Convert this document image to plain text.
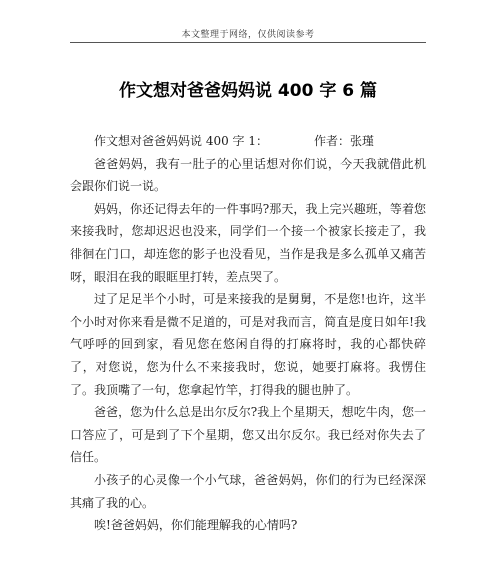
本文整理于网络，仅供阅读参考
作文想对爸爸妈妈说 400 字 6 篇

作文想对爸爸妈妈说 400 字 1：	作者：张瑾

爸爸妈妈，我有一肚子的心里话想对你们说，今天我就借此机会跟你们说一说。

妈妈，你还记得去年的一件事吗?那天，我上完兴趣班，等着您来接我时，您却迟迟也没来，同学们一个接一个被家长接走了，我徘徊在门口，却连您的影子也没看见，当作是我是多么孤单又痛苦呀，眼泪在我的眼眶里打转，差点哭了。

过了足足半个小时，可是来接我的是舅舅，不是您!也许，这半个小时对你来看是微不足道的，可是对我而言，简直是度日如年!我气呼呼的回到家，看见您在悠闲自得的打麻将时，我的心都快碎了，对您说，您为什么不来接我时，您说，她要打麻将。我愣住了。我顶嘴了一句，您拿起竹竿，打得我的腿也肿了。

爸爸，您为什么总是出尔反尔?我上个星期天，想吃牛肉，您一口答应了，可是到了下个星期，您又出尔反尔。我已经对你失去了信任。

小孩子的心灵像一个小气球，爸爸妈妈，你们的行为已经深深其痛了我的心。

唉!爸爸妈妈，你们能理解我的心情吗?
